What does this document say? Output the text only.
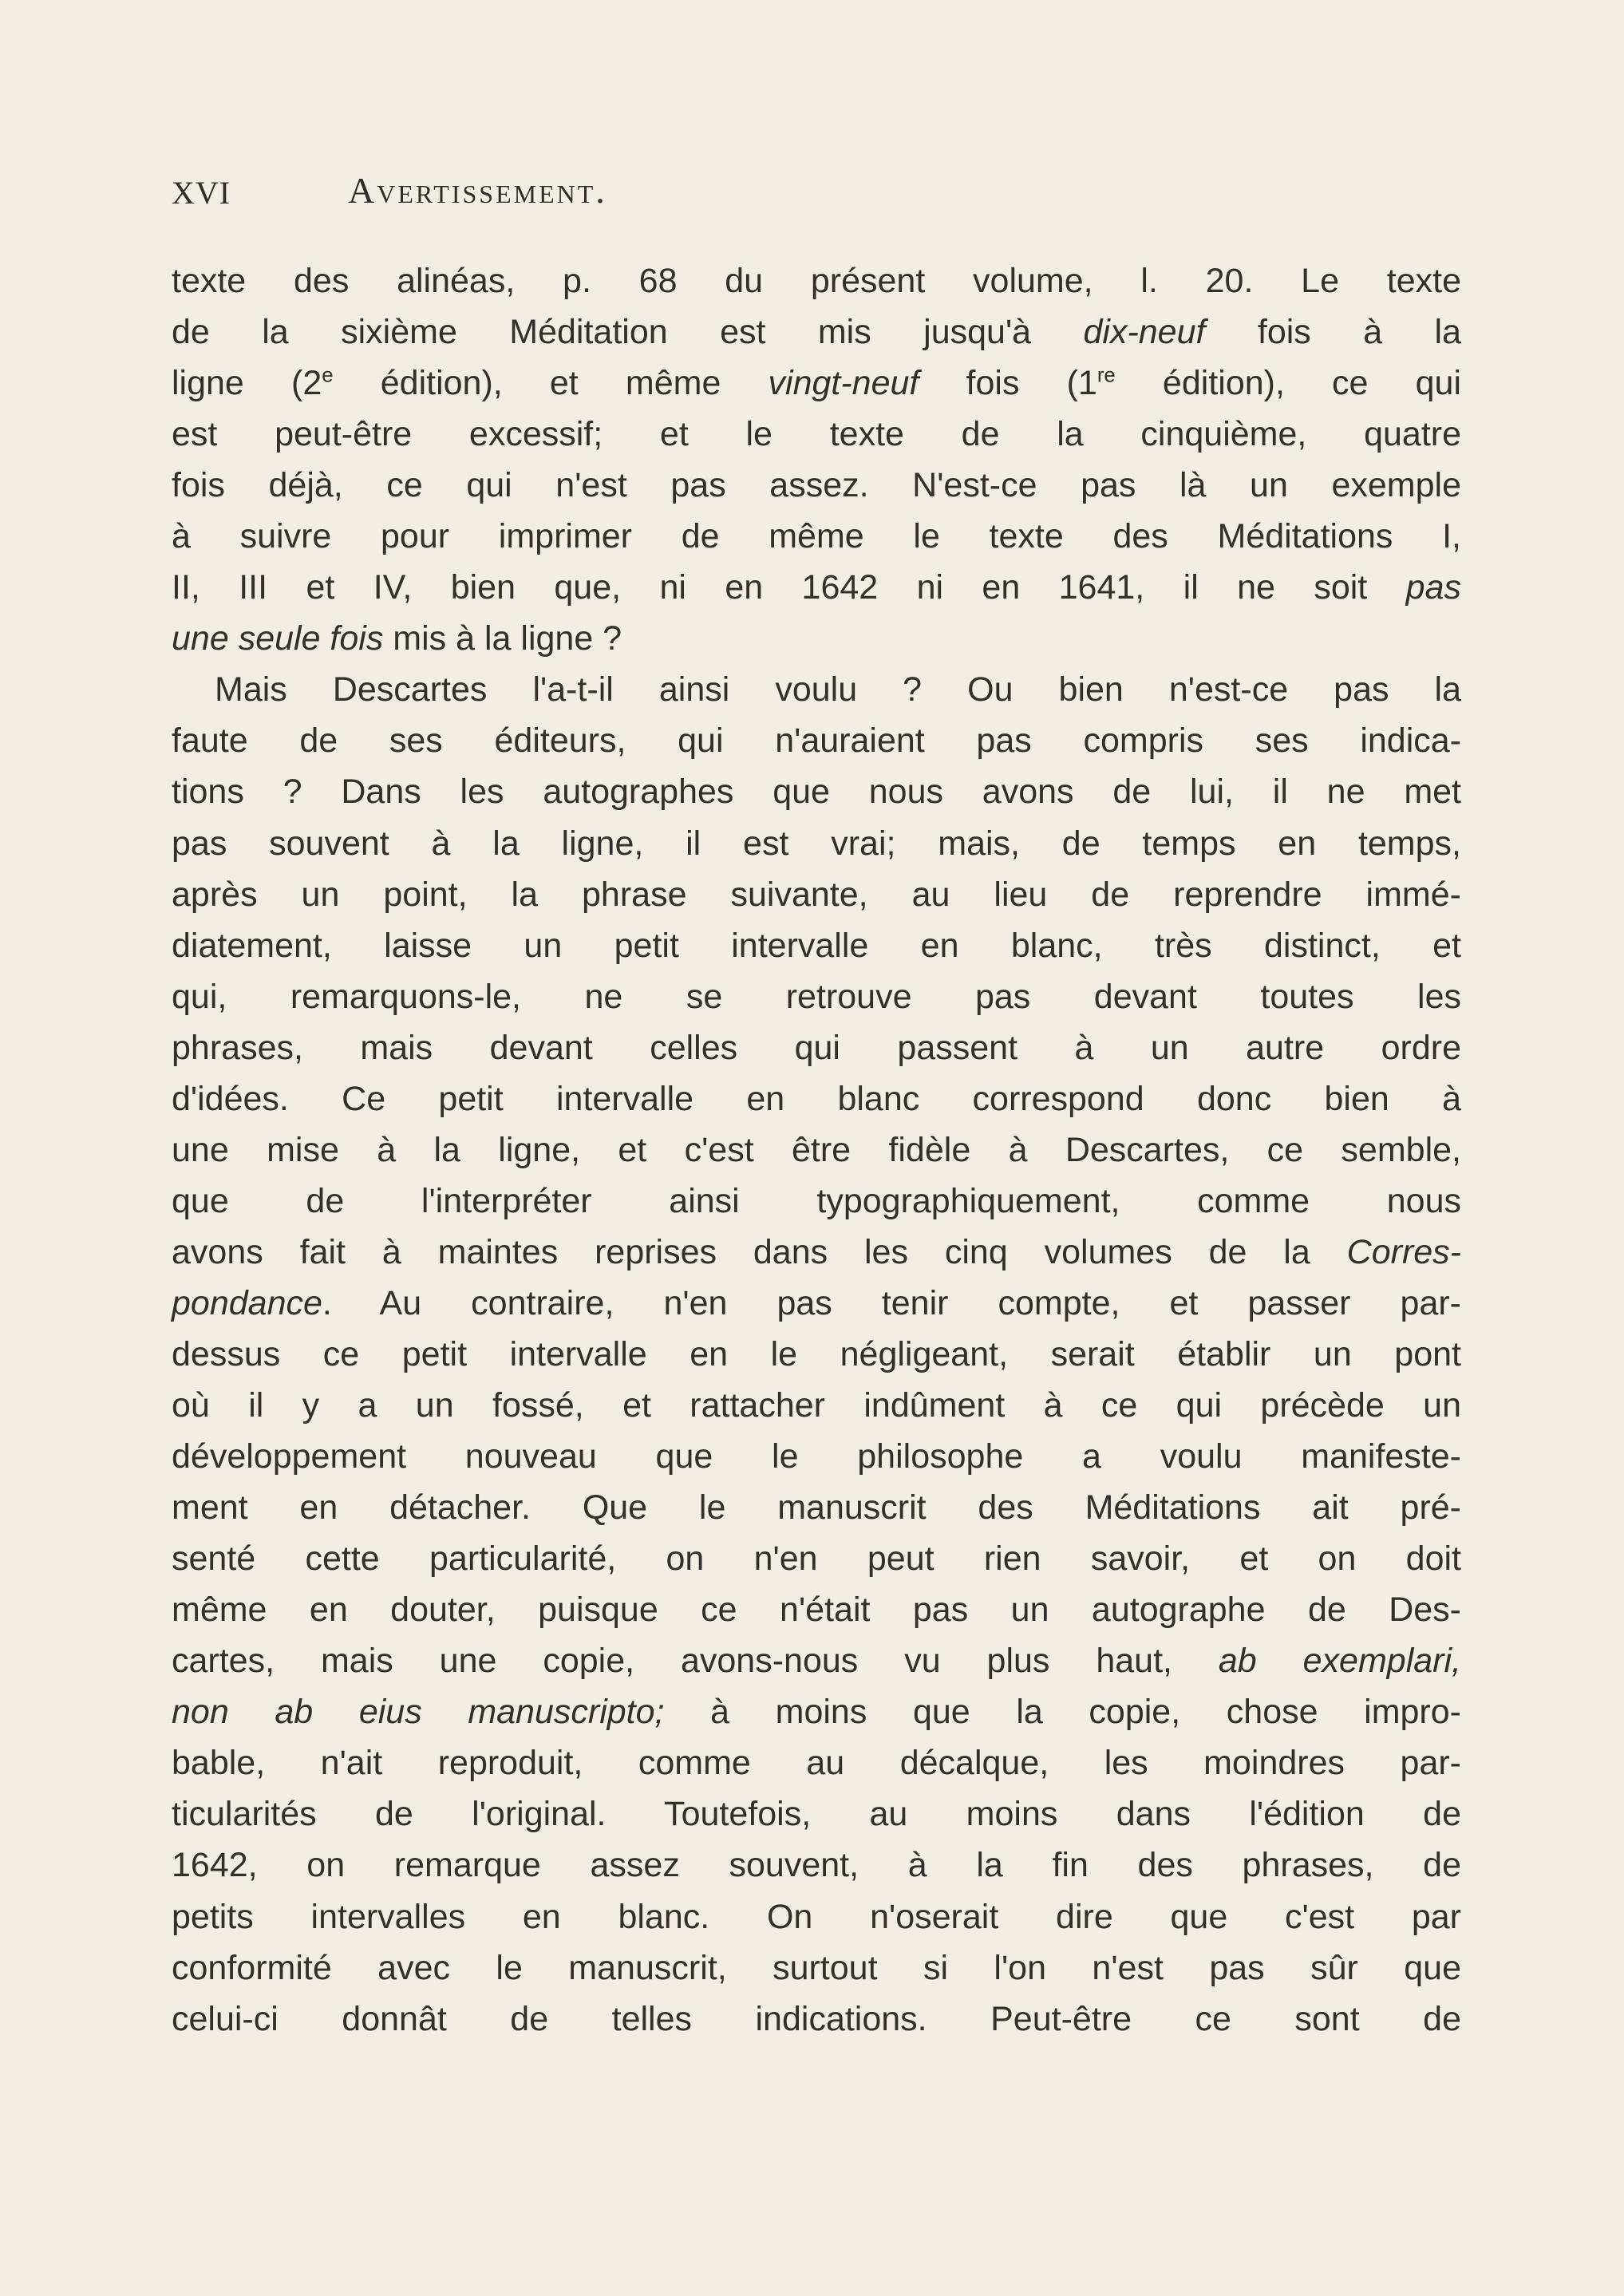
XVI	Avertissement.
texte des alinéas, p. 68 du présent volume, l. 20. Le texte
de la sixième Méditation est mis jusqu'à dix-neuf fois à la
ligne (2e édition), et même vingt-neuf fois (1re édition), ce qui
est peut-être excessif; et le texte de la cinquième, quatre
fois déjà, ce qui n'est pas assez. N'est-ce pas là un exemple
à suivre pour imprimer de même le texte des Méditations I,
II, III et IV, bien que, ni en 1642 ni en 1641, il ne soit pas
une seule fois mis à la ligne ?
Mais Descartes l'a-t-il ainsi voulu ? Ou bien n'est-ce pas la
faute de ses éditeurs, qui n'auraient pas compris ses indica-
tions ? Dans les autographes que nous avons de lui, il ne met
pas souvent à la ligne, il est vrai; mais, de temps en temps,
après un point, la phrase suivante, au lieu de reprendre immé-
diatement, laisse un petit intervalle en blanc, très distinct, et
qui, remarquons-le, ne se retrouve pas devant toutes les
phrases, mais devant celles qui passent à un autre ordre
d'idées. Ce petit intervalle en blanc correspond donc bien à
une mise à la ligne, et c'est être fidèle à Descartes, ce semble,
que de l'interpréter ainsi typographiquement, comme nous
avons fait à maintes reprises dans les cinq volumes de la Corres-
pondance. Au contraire, n'en pas tenir compte, et passer par-
dessus ce petit intervalle en le négligeant, serait établir un pont
où il y a un fossé, et rattacher indûment à ce qui précède un
développement nouveau que le philosophe a voulu manifeste-
ment en détacher. Que le manuscrit des Méditations ait pré-
senté cette particularité, on n'en peut rien savoir, et on doit
même en douter, puisque ce n'était pas un autographe de Des-
cartes, mais une copie, avons-nous vu plus haut, ab exemplari,
non ab eius manuscripto; à moins que la copie, chose impro-
bable, n'ait reproduit, comme au décalque, les moindres par-
ticularités de l'original. Toutefois, au moins dans l'édition de
1642, on remarque assez souvent, à la fin des phrases, de
petits intervalles en blanc. On n'oserait dire que c'est par
conformité avec le manuscrit, surtout si l'on n'est pas sûr que
celui-ci donnât de telles indications. Peut-être ce sont de
